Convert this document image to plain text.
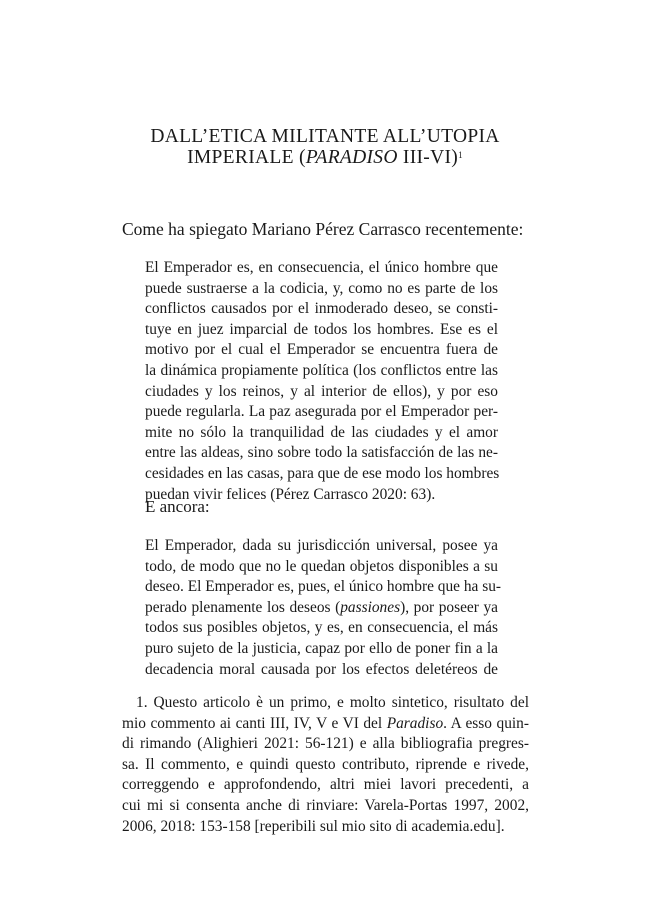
DALL’ETICA MILITANTE ALL’UTOPIA
IMPERIALE (PARADISO III-VI)$^1$
Come ha spiegato Mariano Pérez Carrasco recentemente:
El Emperador es, en consecuencia, el único hombre que
puede sustraerse a la codicia, y, como no es parte de los
conflictos causados por el inmoderado deseo, se consti-
tuye en juez imparcial de todos los hombres. Ese es el
motivo por el cual el Emperador se encuentra fuera de
la dinámica propiamente política (los conflictos entre las
ciudades y los reinos, y al interior de ellos), y por eso
puede regularla. La paz asegurada por el Emperador per-
mite no sólo la tranquilidad de las ciudades y el amor
entre las aldeas, sino sobre todo la satisfacción de las ne-
cesidades en las casas, para que de ese modo los hombres
puedan vivir felices (Pérez Carrasco 2020: 63).
E ancora:
El Emperador, dada su jurisdicción universal, posee ya
todo, de modo que no le quedan objetos disponibles a su
deseo. El Emperador es, pues, el único hombre que ha su-
perado plenamente los deseos (passiones), por poseer ya
todos sus posibles objetos, y es, en consecuencia, el más
puro sujeto de la justicia, capaz por ello de poner fin a la
decadencia moral causada por los efectos deletéreos de
1. Questo articolo è un primo, e molto sintetico, risultato del
mio commento ai canti III, IV, V e VI del Paradiso. A esso quin-
di rimando (Alighieri 2021: 56-121) e alla bibliografia pregres-
sa. Il commento, e quindi questo contributo, riprende e rivede,
correggendo e approfondendo, altri miei lavori precedenti, a
cui mi si consenta anche di rinviare: Varela-Portas 1997, 2002,
2006, 2018: 153-158 [reperibili sul mio sito di academia.edu].
